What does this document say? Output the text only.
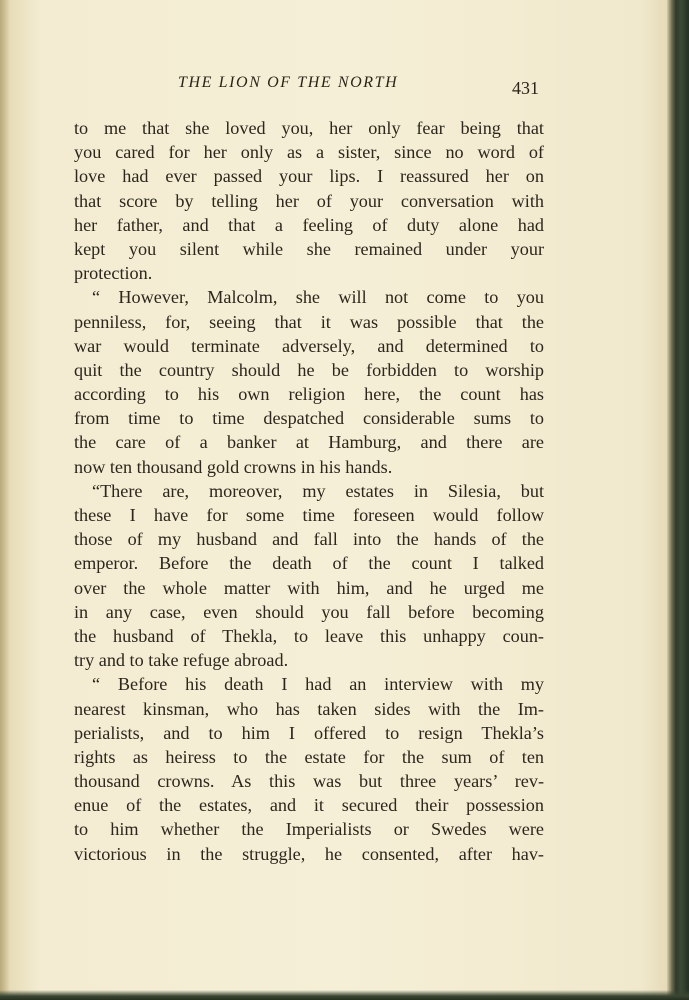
THE LION OF THE NORTH	431
to me that she loved you, her only fear being that
you cared for her only as a sister, since no word of
love had ever passed your lips. I reassured her on
that score by telling her of your conversation with
her father, and that a feeling of duty alone had
kept you silent while she remained under your
protection.
“ However, Malcolm, she will not come to you
penniless, for, seeing that it was possible that the
war would terminate adversely, and determined to
quit the country should he be forbidden to worship
according to his own religion here, the count has
from time to time despatched considerable sums to
the care of a banker at Hamburg, and there are
now ten thousand gold crowns in his hands.
“There are, moreover, my estates in Silesia, but
these I have for some time foreseen would follow
those of my husband and fall into the hands of the
emperor. Before the death of the count I talked
over the whole matter with him, and he urged me
in any case, even should you fall before becoming
the husband of Thekla, to leave this unhappy coun-
try and to take refuge abroad.
“ Before his death I had an interview with my
nearest kinsman, who has taken sides with the Im-
perialists, and to him I offered to resign Thekla’s
rights as heiress to the estate for the sum of ten
thousand crowns. As this was but three years’ rev-
enue of the estates, and it secured their possession
to him whether the Imperialists or Swedes were
victorious in the struggle, he consented, after hav-
